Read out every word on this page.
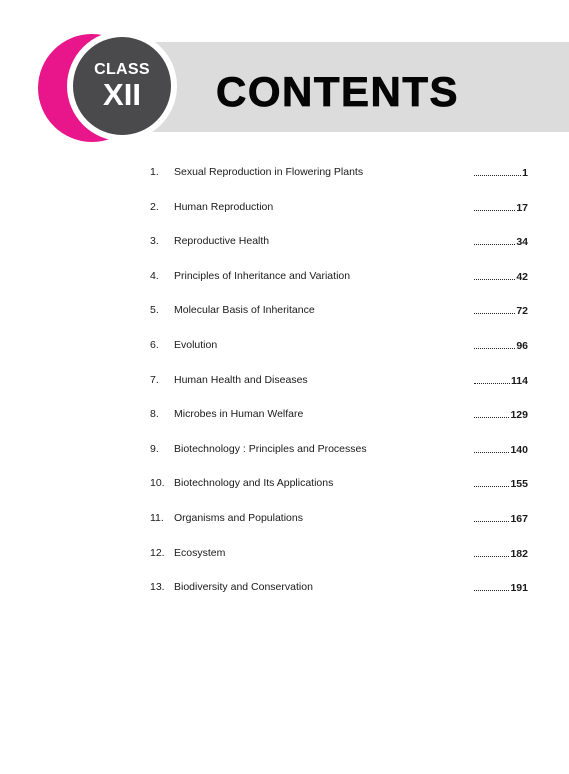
CLASS
XII	CONTENTS
1. Sexual Reproduction in Flowering Plants	1
2. Human Reproduction	17
3. Reproductive Health	34
4. Principles of Inheritance and Variation	42
5. Molecular Basis of Inheritance	72
6. Evolution	96
7. Human Health and Diseases	114
8. Microbes in Human Welfare	129
9. Biotechnology : Principles and Processes	140
10. Biotechnology and Its Applications	155
11. Organisms and Populations	167
12. Ecosystem	182
13. Biodiversity and Conservation	191
